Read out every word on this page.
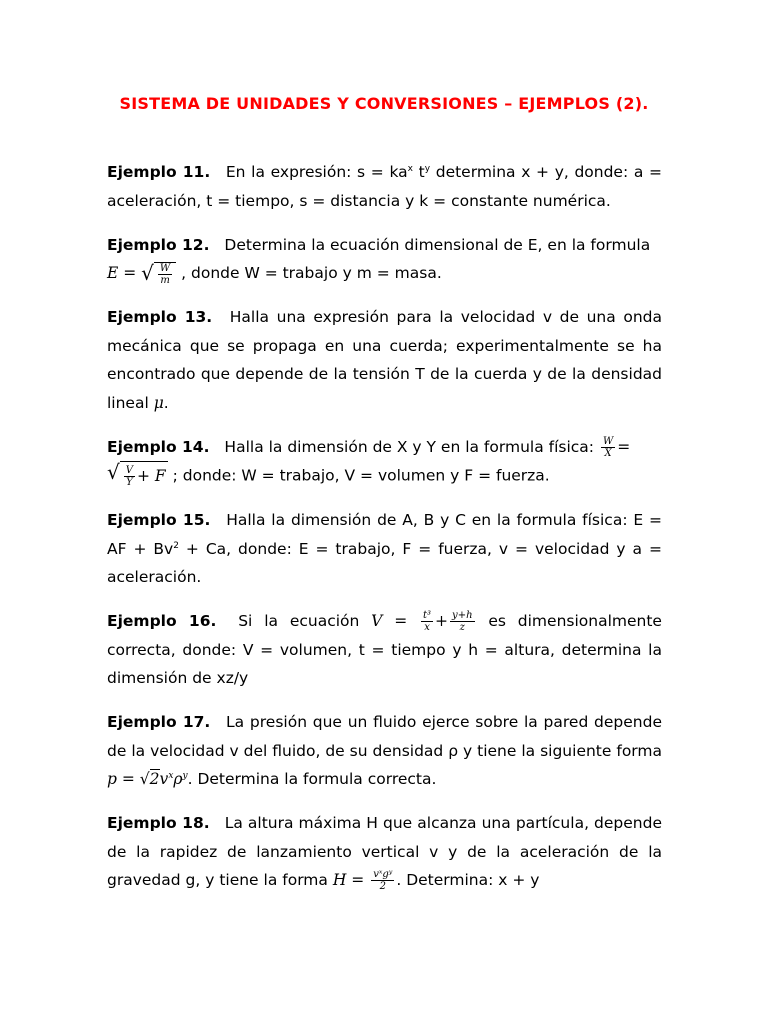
SISTEMA DE UNIDADES Y CONVERSIONES – EJEMPLOS (2).

Ejemplo 11. En la expresión: $s = ka^x$ $t^y$ determina x + y, donde: a = aceleración, t = tiempo, s = distancia y k = constante numérica.

Ejemplo 12. Determina la ecuación dimensional de E, en la formula
E = √ $\frac{W}{m}$ , donde W = trabajo y m = masa.

Ejemplo 13. Halla una expresión para la velocidad v de una onda mecánica que se propaga en una cuerda; experimentalmente se ha encontrado que depende de la tensión T de la cuerda y de la densidad lineal μ.

Ejemplo 14. Halla la dimensión de X y Y en la formula física: $\frac{W}{X}$ =

√ $\frac{V}{Y} + F$ ; donde: W = trabajo, V = volumen y F = fuerza.

Ejemplo 15. Halla la dimensión de A, B y C en la formula física: E = AF + $Bv^2 + Ca$, donde: E = trabajo, F = fuerza, v = velocidad y a = aceleración.

Ejemplo 16. Si la ecuación $V = \frac{\text{t³}}{x} + \frac{y+h}{z}$ es dimensionalmente correcta, donde: V = volumen, t = tiempo y h = altura, determina la dimensión de xz/y

Ejemplo 17. La presión que un fluido ejerce sobre la pared depende de la velocidad v del fluido, de su densidad ρ y tiene la siguiente forma $p = √2v^x\rho^y$. Determina la formula correcta.

Ejemplo 18. La altura máxima H que alcanza una partícula, depende de la rapidez de lanzamiento vertical v y de la aceleración de la gravedad g, y tiene la forma $H = \frac{\text{vˣgʸ}}{2}$ . Determina: x + y
